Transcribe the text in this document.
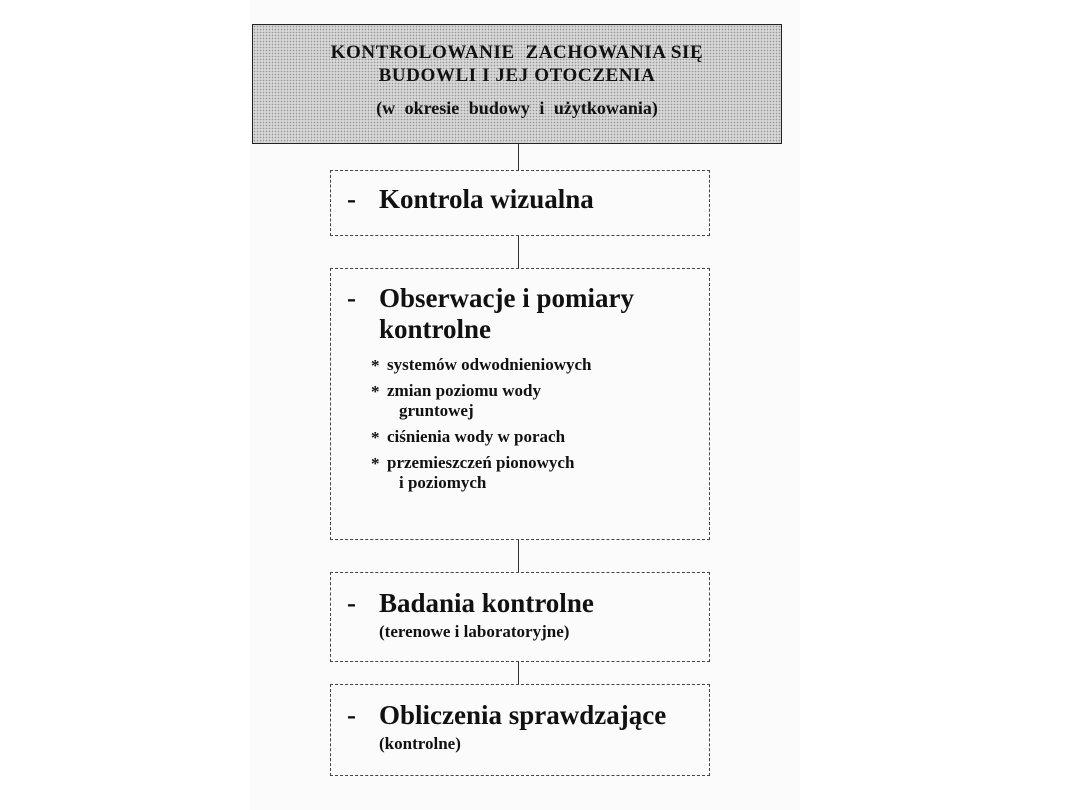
KONTROLOWANIE  ZACHOWANIA SIĘ
BUDOWLI I JEJ OTOCZENIA
(w okresie budowy i użytkowania)
- Kontrola wizualna
- Obserwacje i pomiary
kontrolne
* systemów odwodnieniowych
* zmian poziomu wody
gruntowej
* ciśnienia wody w porach
* przemieszczeń pionowych
i poziomych
- Badania kontrolne
(terenowe i laboratoryjne)
- Obliczenia sprawdzające
(kontrolne)
